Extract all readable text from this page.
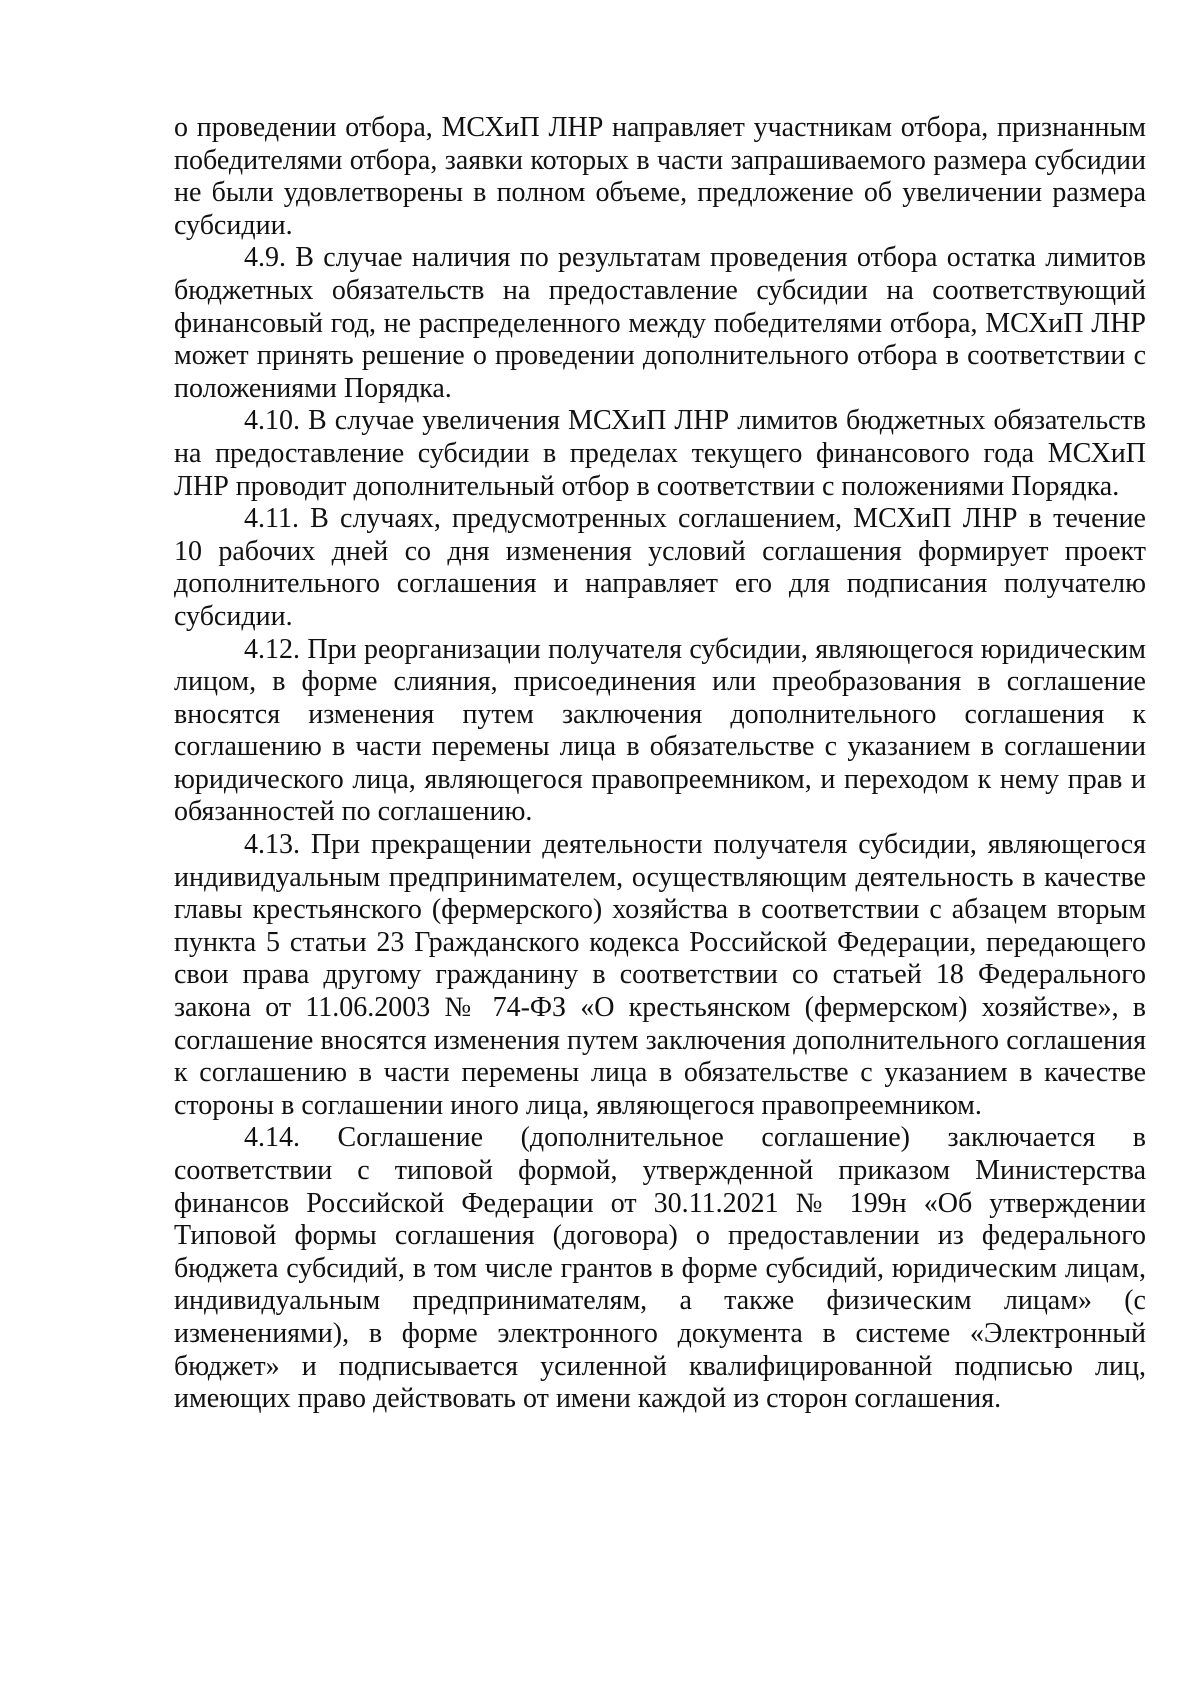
о проведении отбора, МСХиП ЛНР направляет участникам отбора, признанным победителями отбора, заявки которых в части запрашиваемого размера субсидии не были удовлетворены в полном объеме, предложение об увеличении размера субсидии.

4.9. В случае наличия по результатам проведения отбора остатка лимитов бюджетных обязательств на предоставление субсидии на соответствующий финансовый год, не распределенного между победителями отбора, МСХиП ЛНР может принять решение о проведении дополнительного отбора в соответствии с положениями Порядка.

4.10. В случае увеличения МСХиП ЛНР лимитов бюджетных обязательств на предоставление субсидии в пределах текущего финансового года МСХиП ЛНР проводит дополнительный отбор в соответствии с положениями Порядка.

4.11. В случаях, предусмотренных соглашением, МСХиП ЛНР в течение 10 рабочих дней со дня изменения условий соглашения формирует проект дополнительного соглашения и направляет его для подписания получателю субсидии.

4.12. При реорганизации получателя субсидии, являющегося юридическим лицом, в форме слияния, присоединения или преобразования в соглашение вносятся изменения путем заключения дополнительного соглашения к соглашению в части перемены лица в обязательстве с указанием в соглашении юридического лица, являющегося правопреемником, и переходом к нему прав и обязанностей по соглашению.

4.13. При прекращении деятельности получателя субсидии, являющегося индивидуальным предпринимателем, осуществляющим деятельность в качестве главы крестьянского (фермерского) хозяйства в соответствии с абзацем вторым пункта 5 статьи 23 Гражданского кодекса Российской Федерации, передающего свои права другому гражданину в соответствии со статьей 18 Федерального закона от 11.06.2003 № 74-ФЗ «О крестьянском (фермерском) хозяйстве», в соглашение вносятся изменения путем заключения дополнительного соглашения к соглашению в части перемены лица в обязательстве с указанием в качестве стороны в соглашении иного лица, являющегося правопреемником.

4.14. Соглашение (дополнительное соглашение) заключается в соответствии с типовой формой, утвержденной приказом Министерства финансов Российской Федерации от 30.11.2021 № 199н «Об утверждении Типовой формы соглашения (договора) о предоставлении из федерального бюджета субсидий, в том числе грантов в форме субсидий, юридическим лицам, индивидуальным предпринимателям, а также физическим лицам» (с изменениями), в форме электронного документа в системе «Электронный бюджет» и подписывается усиленной квалифицированной подписью лиц, имеющих право действовать от имени каждой из сторон соглашения.
